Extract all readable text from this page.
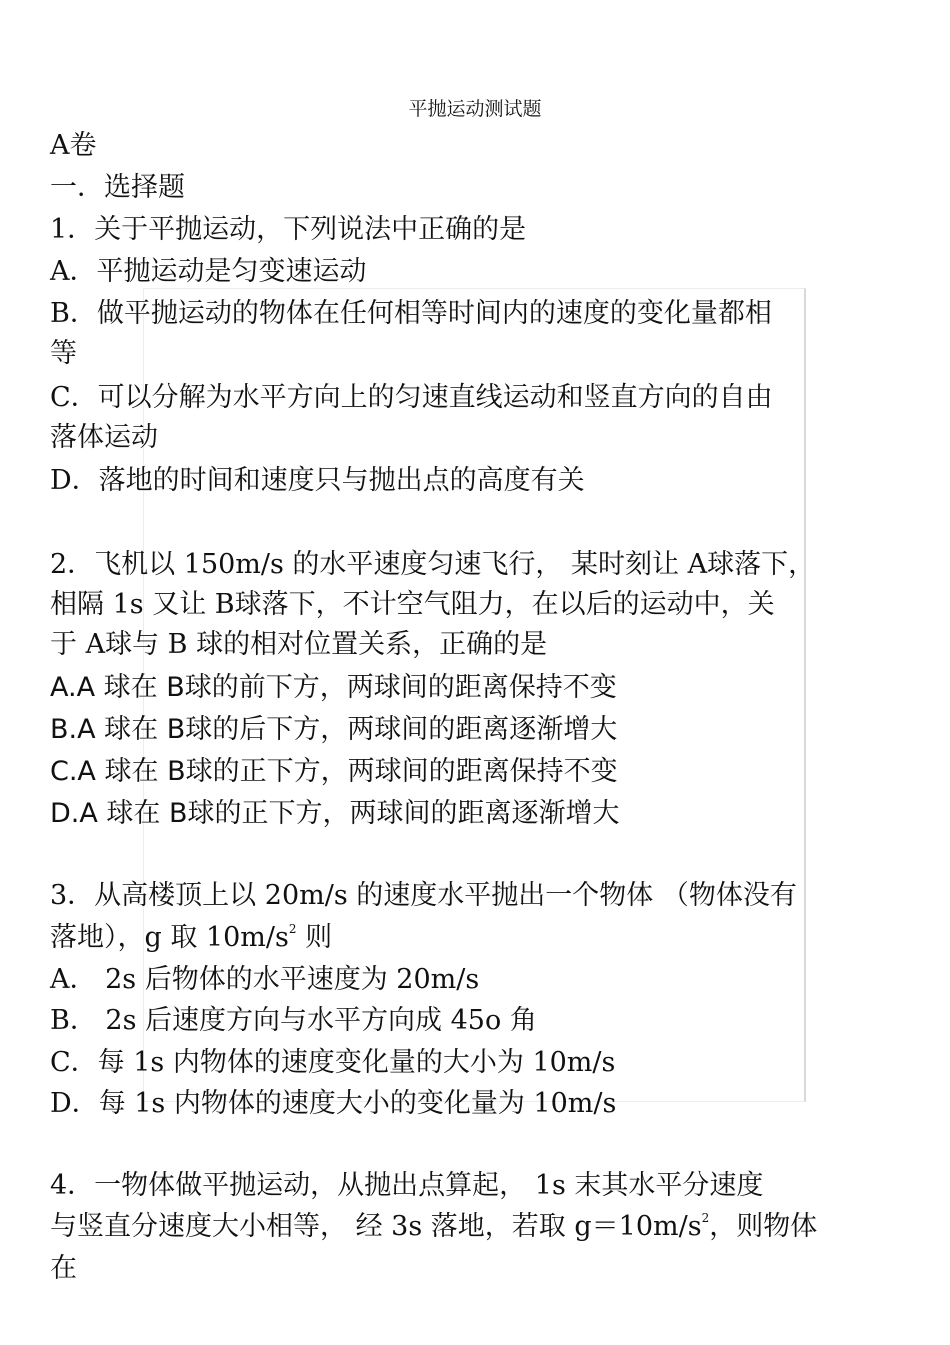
平抛运动测试题
A卷
一．选择题
1．关于平抛运动，下列说法中正确的是
A．平抛运动是匀变速运动
B．做平抛运动的物体在任何相等时间内的速度的变化量都相
等
C．可以分解为水平方向上的匀速直线运动和竖直方向的自由
落体运动
D．落地的时间和速度只与抛出点的高度有关
2．飞机以 150m/s 的水平速度匀速飞行， 某时刻让 A球落下，
相隔 1s 又让 B球落下，不计空气阻力，在以后的运动中，关
于 A球与 B 球的相对位置关系，正确的是
A.A 球在 B球的前下方，两球间的距离保持不变
B.A 球在 B球的后下方，两球间的距离逐渐增大
C.A 球在 B球的正下方，两球间的距离保持不变
D.A 球在 B球的正下方，两球间的距离逐渐增大
3．从高楼顶上以 20m/s 的速度水平抛出一个物体 （物体没有
落地），g 取 $10m/s^2$ 则
A． 2s 后物体的水平速度为 20m/s
B． 2s 后速度方向与水平方向成 45o 角
C．每 1s 内物体的速度变化量的大小为 10m/s
D．每 1s 内物体的速度大小的变化量为 10m/s
4．一物体做平抛运动，从抛出点算起， 1s 末其水平分速度
与竖直分速度大小相等， 经 3s 落地，若取 $g=10m/s^2$，则物体
在
